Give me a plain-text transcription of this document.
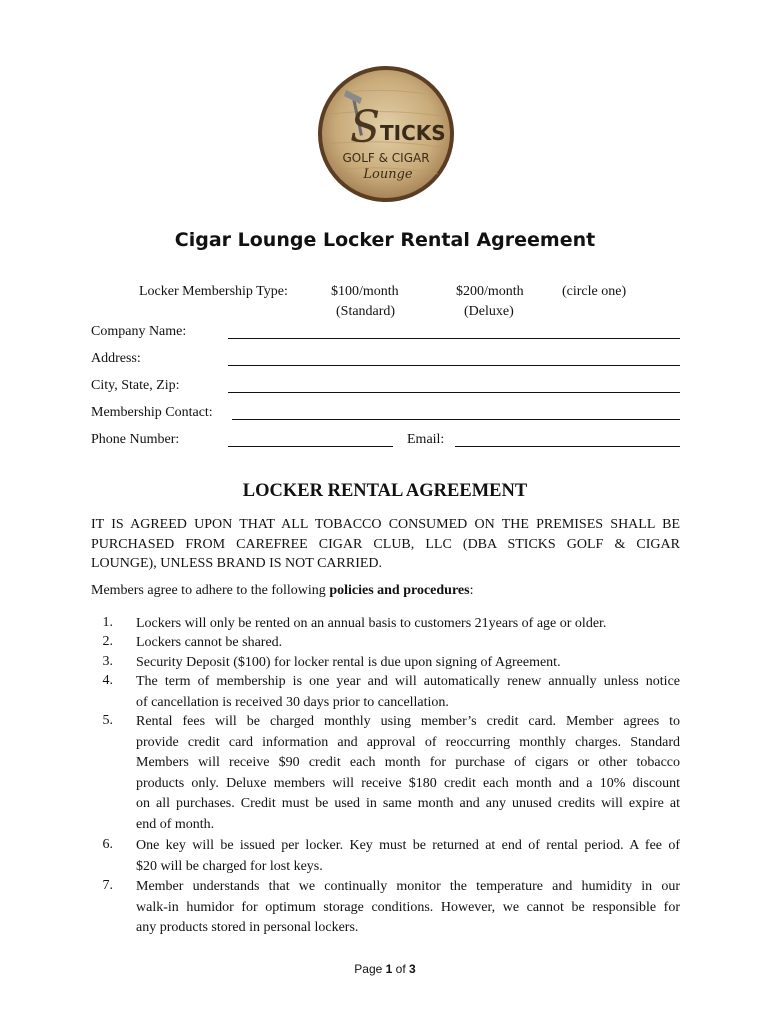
S TICKS
GOLF & CIGAR
Lounge
Cigar Lounge Locker Rental Agreement
Locker Membership Type:	$100/month
(Standard)
$200/month
(Deluxe)
(circle one)
Company Name:
Address:
City, State, Zip:
Membership Contact:
Phone Number:	Email:
LOCKER RENTAL AGREEMENT
IT IS AGREED UPON THAT ALL TOBACCO CONSUMED ON THE PREMISES SHALL BE
PURCHASED FROM CAREFREE CIGAR CLUB, LLC (DBA STICKS GOLF & CIGAR
LOUNGE), UNLESS BRAND IS NOT CARRIED.
Members agree to adhere to the following policies and procedures:
1. Lockers will only be rented on an annual basis to customers 21years of age or older.
2. Lockers cannot be shared.
3. Security Deposit ($100) for locker rental is due upon signing of Agreement.
4. The term of membership is one year and will automatically renew annually unless notice
of cancellation is received 30 days prior to cancellation.
5. Rental fees will be charged monthly using member’s credit card. Member agrees to
provide credit card information and approval of reoccurring monthly charges. Standard
Members will receive $90 credit each month for purchase of cigars or other tobacco
products only. Deluxe members will receive $180 credit each month and a 10% discount
on all purchases. Credit must be used in same month and any unused credits will expire at
end of month.
6. One key will be issued per locker. Key must be returned at end of rental period. A fee of
$20 will be charged for lost keys.
7. Member understands that we continually monitor the temperature and humidity in our
walk-in humidor for optimum storage conditions. However, we cannot be responsible for
any products stored in personal lockers.
Page 1 of 3
